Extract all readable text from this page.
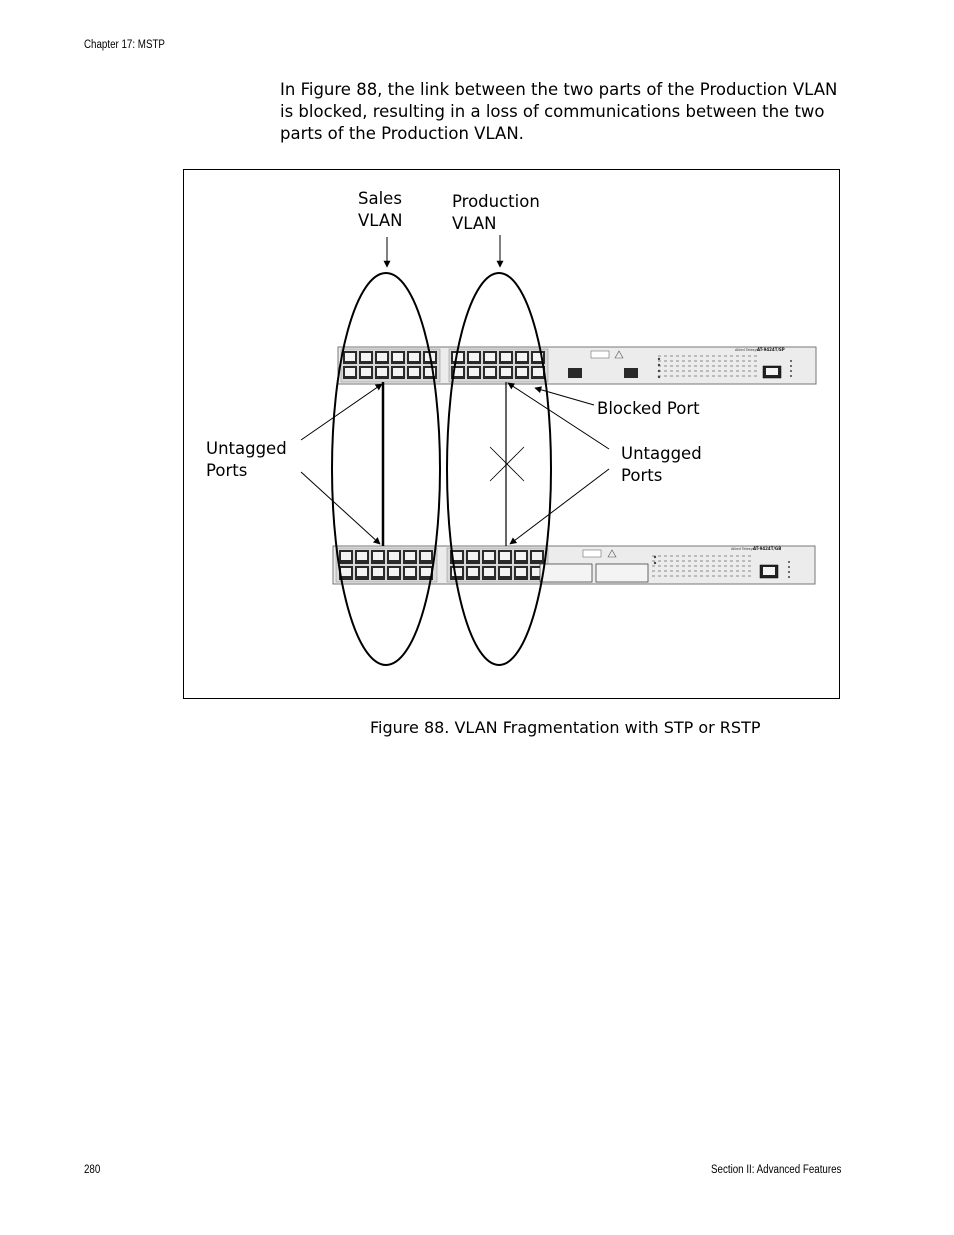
Chapter 17: MSTP
In Figure 88, the link between the two parts of the Production VLAN is blocked, resulting in a loss of communications between the two parts of the Production VLAN.
AT-9424T/SP
Allied Telesyn
AT-9424T/GB
Allied Telesyn
Sales
VLAN
Production
VLAN
Blocked Port
Untagged
Ports
Untagged
Ports
Figure 88. VLAN Fragmentation with STP or RSTP
280	Section II: Advanced Features
